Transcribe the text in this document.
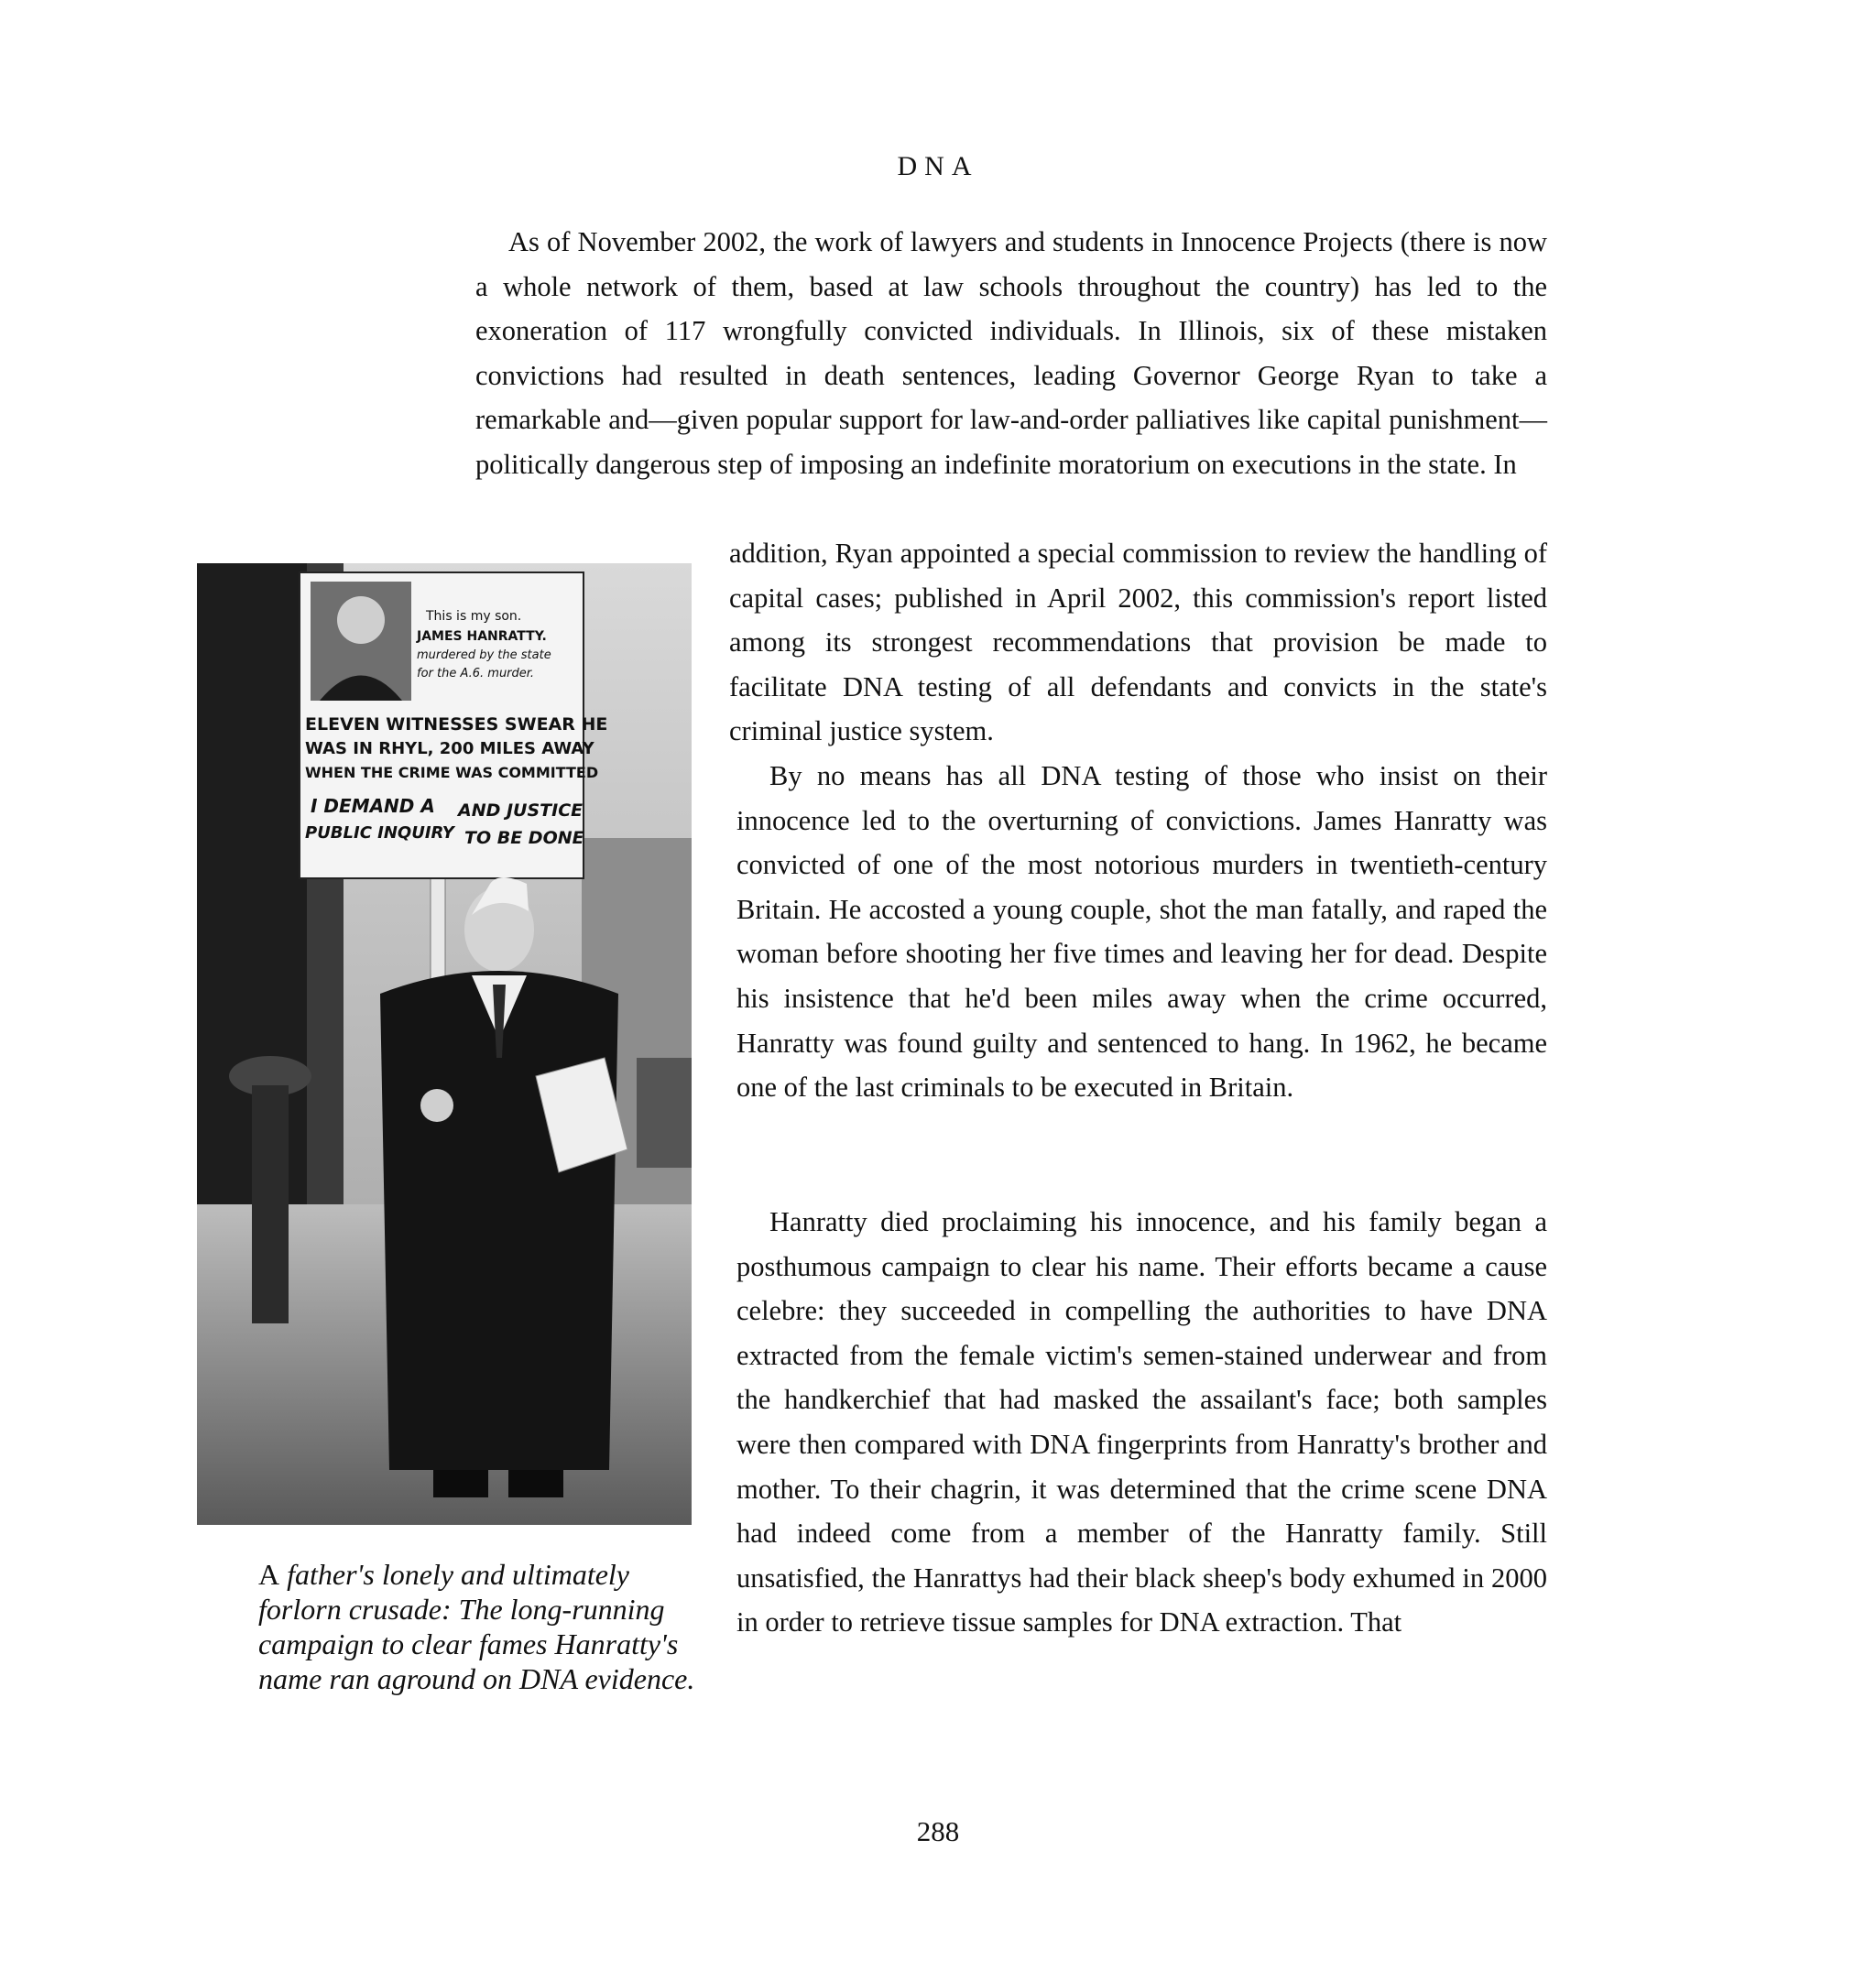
DNA

As of November 2002, the work of lawyers and students in Innocence Projects (there is now a whole network of them, based at law schools throughout the country) has led to the exoneration of 117 wrongfully convicted individuals. In Illinois, six of these mistaken convictions had resulted in death sentences, leading Governor George Ryan to take a remarkable and—given popular support for law-and-order palliatives like capital punishment—politically dangerous step of imposing an indefinite moratorium on executions in the state. In

addition, Ryan appointed a special commission to review the handling of capital cases; published in April 2002, this commission's report listed among its strongest recommendations that provision be made to facilitate DNA testing of all defendants and convicts in the state's criminal justice system.

By no means has all DNA testing of those who insist on their innocence led to the overturning of convictions. James Hanratty was convicted of one of the most notorious murders in twentieth-century Britain. He accosted a young couple, shot the man fatally, and raped the woman before shooting her five times and leaving her for dead. Despite his insistence that he'd been miles away when the crime occurred, Hanratty was found guilty and sentenced to hang. In 1962, he became one of the last criminals to be executed in Britain.

Hanratty died proclaiming his innocence, and his family began a posthumous campaign to clear his name. Their efforts became a cause celebre: they succeeded in compelling the authorities to have DNA extracted from the female victim's semen-stained underwear and from the handkerchief that had masked the assailant's face; both samples were then compared with DNA fingerprints from Hanratty's brother and mother. To their chagrin, it was determined that the crime scene DNA had indeed come from a member of the Hanratty family. Still unsatisfied, the Hanrattys had their black sheep's body exhumed in 2000 in order to retrieve tissue samples for DNA extraction. That

This is my son.
JAMES HANRATTY.
murdered by the state
for the A.6. murder.
ELEVEN WITNESSES SWEAR HE
WAS IN RHYL, 200 MILES AWAY
WHEN THE CRIME WAS COMMITTED
I DEMAND A
PUBLIC INQUIRY
AND JUSTICE
TO BE DONE

A father's lonely and ultimately forlorn crusade: The long-running campaign to clear fames Hanratty's name ran aground on DNA evidence.

288
